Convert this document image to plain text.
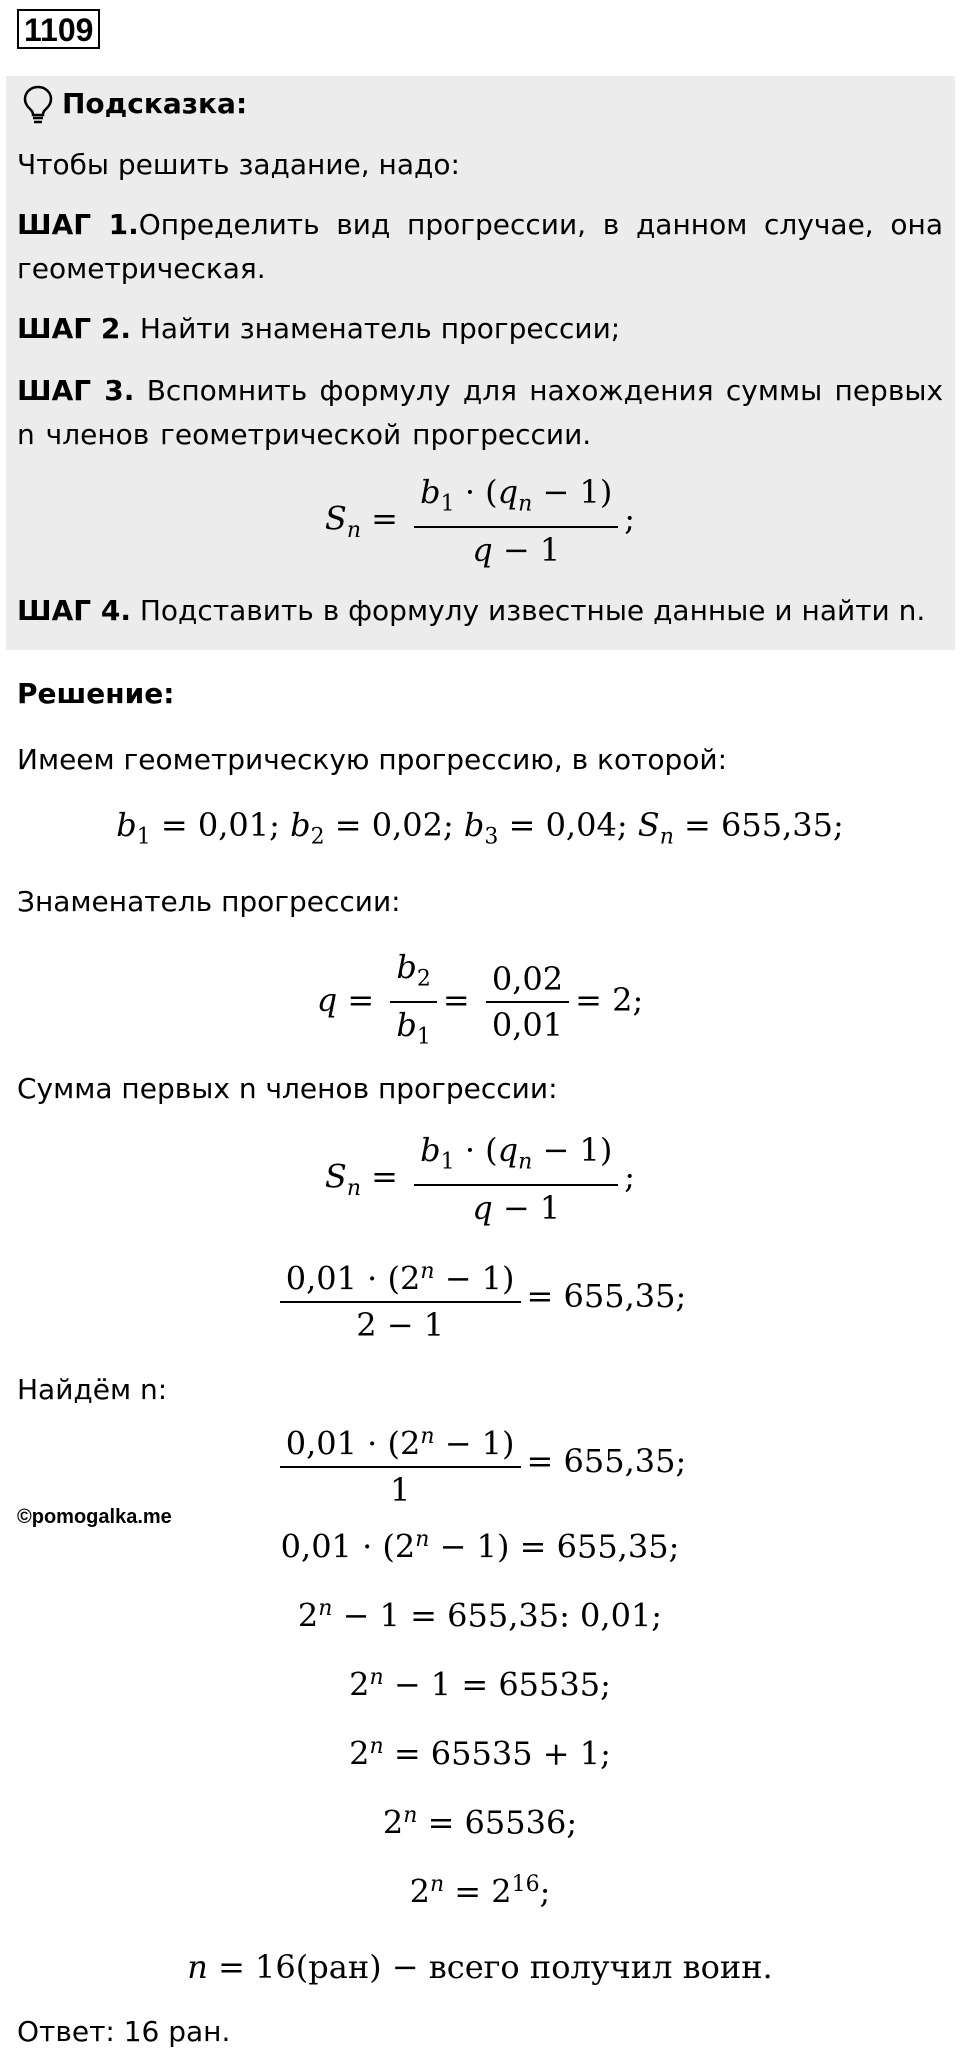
1109
Подсказка:
Чтобы решить задание, надо:
ШАГ 1.Определить вид прогрессии, в данном случае, она геометрическая.
ШАГ 2. Найти знаменатель прогрессии;
ШАГ 3. Вспомнить формулу для нахождения суммы первых n членов геометрической прогрессии.
$S_n = \frac{b_1 \cdot (q_n - 1)}{q - 1}$ ;
ШАГ 4. Подставить в формулу известные данные и найти n.
Решение:
Имеем геометрическую прогрессию, в которой:
$b_1 = 0,01$; $b_2 = 0,02$; $b_3 = 0,04$; $S_n = 655,35$;
Знаменатель прогрессии:
$q = \frac{b_2}{b_1} = \frac{0,02}{0,01} = 2$;
Сумма первых n членов прогрессии:
$S_n = \frac{b_1 \cdot (q_n - 1)}{q - 1}$ ;
$\frac{0,01 \cdot (2^n - 1)}{2 - 1} = 655,35$;
Найдём n:
$\frac{0,01 \cdot (2^n - 1)}{1} = 655,35$;
©pomogalka.me
$0,01 \cdot (2^n - 1) = 655,35$;
$2^n - 1 = 655,35$: 0,01;
$2^n - 1 = 65535$;
$2^n = 65535 + 1$;
$2^n = 65536$;
$2^n = 2^{16}$;
n = 16(ран) − всего получил воин.
Ответ: 16 ран.
